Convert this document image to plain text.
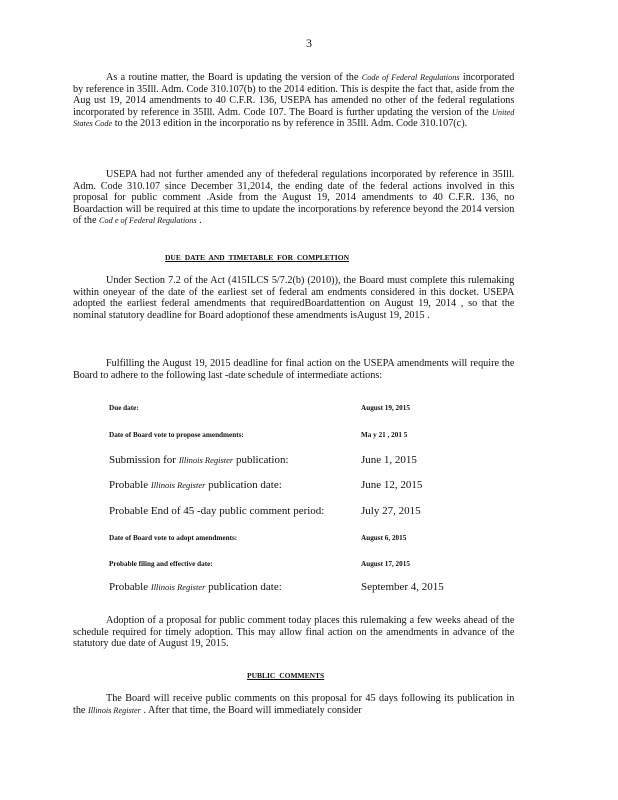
3

As a routine matter, the Board is updating the version of the Code of Federal Regulations incorporated by reference in 35Ill. Adm. Code 310.107(b) to the 2014 edition. This is despite the fact that, aside from the Aug ust 19, 2014 amendments to 40 C.F.R. 136, USEPA has amended no other of the federal regulations incorporated by reference in 35Ill. Adm. Code 107. The Board is further updating the version of the United States Code to the 2013 edition in the incorporatio ns by reference in 35Ill. Adm. Code 310.107(c).

USEPA had not further amended any of thefederal regulations incorporated by reference in 35Ill. Adm. Code 310.107 since December 31,2014, the ending date of the federal actions involved in this proposal for public comment .Aside from the August 19, 2014 amendments to 40 C.F.R. 136, no Boardaction will be required at this time to update the incorporations by reference beyond the 2014 version of the Cod e of Federal Regulations .

DUE DATE AND TIMETABLE FOR COMPLETION

Under Section 7.2 of the Act (415ILCS 5/7.2(b) (2010)), the Board must complete this rulemaking within oneyear of the date of the earliest set of federal am endments considered in this docket. USEPA adopted the earliest federal amendments that requiredBoardattention on August 19, 2014 , so that the nominal statutory deadline for Board adoptionof these amendments isAugust 19, 2015 .

Fulfilling the August 19, 2015 deadline for final action on the USEPA amendments will require the Board to adhere to the following last -date schedule of intermediate actions:

Due date:	August 19, 2015
Date of Board vote to propose amendments:	Ma y 21 , 201 5
Submission for Illinois Register publication:	June 1, 2015
Probable Illinois Register publication date:	June 12, 2015
Probable End of 45 -day public comment period:	July 27, 2015
Date of Board vote to adopt amendments:	August 6, 2015
Probable filing and effective date:	August 17, 2015
Probable Illinois Register publication date:	September 4, 2015

Adoption of a proposal for public comment today places this rulemaking a few weeks ahead of the schedule required for timely adoption. This may allow final action on the amendments in advance of the statutory due date of August 19, 2015.

PUBLIC COMMENTS

The Board will receive public comments on this proposal for 45 days following its publication in the Illinois Register . After that time, the Board will immediately consider
